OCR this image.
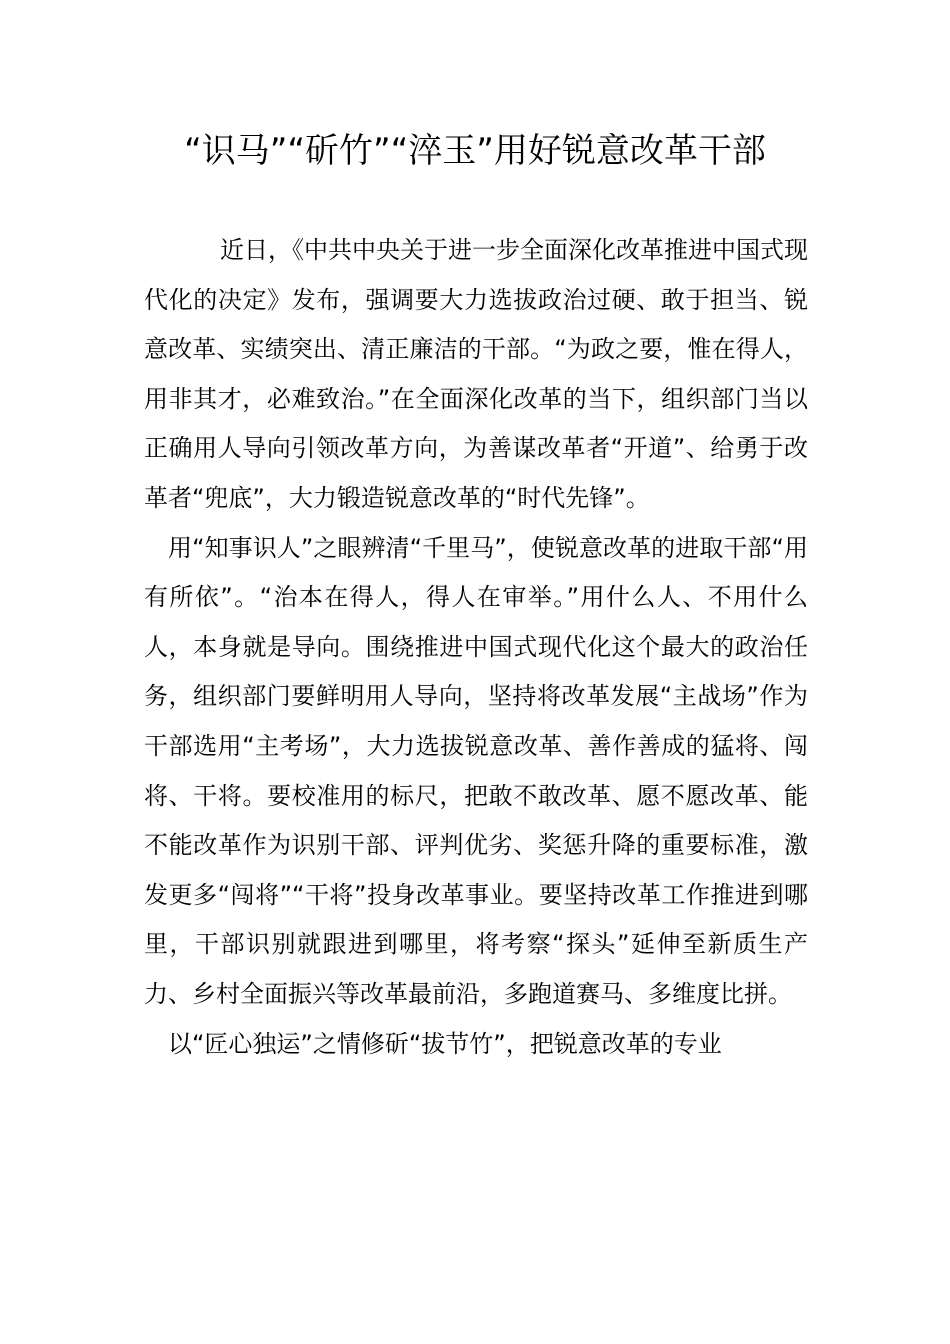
“识马”“斫竹”“淬玉”用好锐意改革干部

近日，《中共中央关于进一步全面深化改革推进中国式现代化的决定》发布，强调要大力选拔政治过硬、敢于担当、锐意改革、实绩突出、清正廉洁的干部。“为政之要，惟在得人，用非其才，必难致治。”在全面深化改革的当下，组织部门当以正确用人导向引领改革方向，为善谋改革者“开道”、给勇于改革者“兜底”，大力锻造锐意改革的“时代先锋”。

用“知事识人”之眼辨清“千里马”，使锐意改革的进取干部“用有所依”。“治本在得人，得人在审举。”用什么人、不用什么人，本身就是导向。围绕推进中国式现代化这个最大的政治任务，组织部门要鲜明用人导向，坚持将改革发展“主战场”作为干部选用“主考场”，大力选拔锐意改革、善作善成的猛将、闯将、干将。要校准用的标尺，把敢不敢改革、愿不愿改革、能不能改革作为识别干部、评判优劣、奖惩升降的重要标准，激发更多“闯将”“干将”投身改革事业。要坚持改革工作推进到哪里，干部识别就跟进到哪里，将考察“探头”延伸至新质生产力、乡村全面振兴等改革最前沿，多跑道赛马、多维度比拼。

以“匠心独运”之情修斫“拔节竹”，把锐意改革的专业
